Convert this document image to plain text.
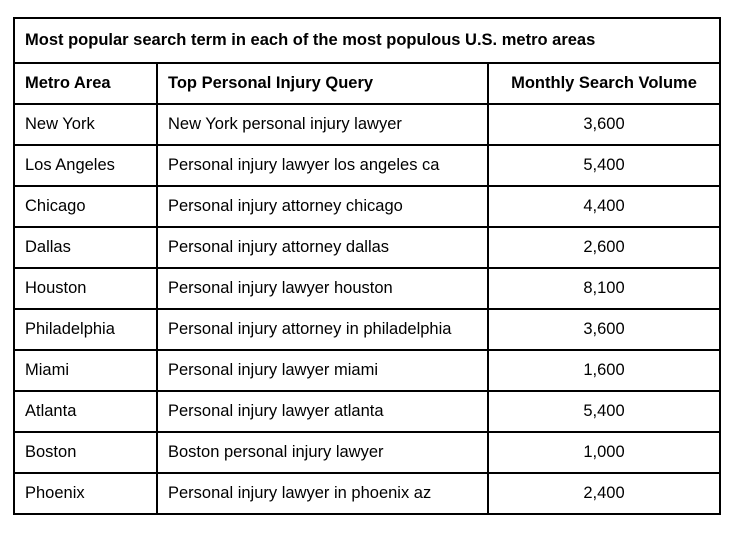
Most popular search term in each of the most populous U.S. metro areas		
Metro Area	Top Personal Injury Query	Monthly Search Volume
New York	New York personal injury lawyer	3,600
Los Angeles	Personal injury lawyer los angeles ca	5,400
Chicago	Personal injury attorney chicago	4,400
Dallas	Personal injury attorney dallas	2,600
Houston	Personal injury lawyer houston	8,100
Philadelphia	Personal injury attorney in philadelphia	3,600
Miami	Personal injury lawyer miami	1,600
Atlanta	Personal injury lawyer atlanta	5,400
Boston	Boston personal injury lawyer	1,000
Phoenix	Personal injury lawyer in phoenix az	2,400
